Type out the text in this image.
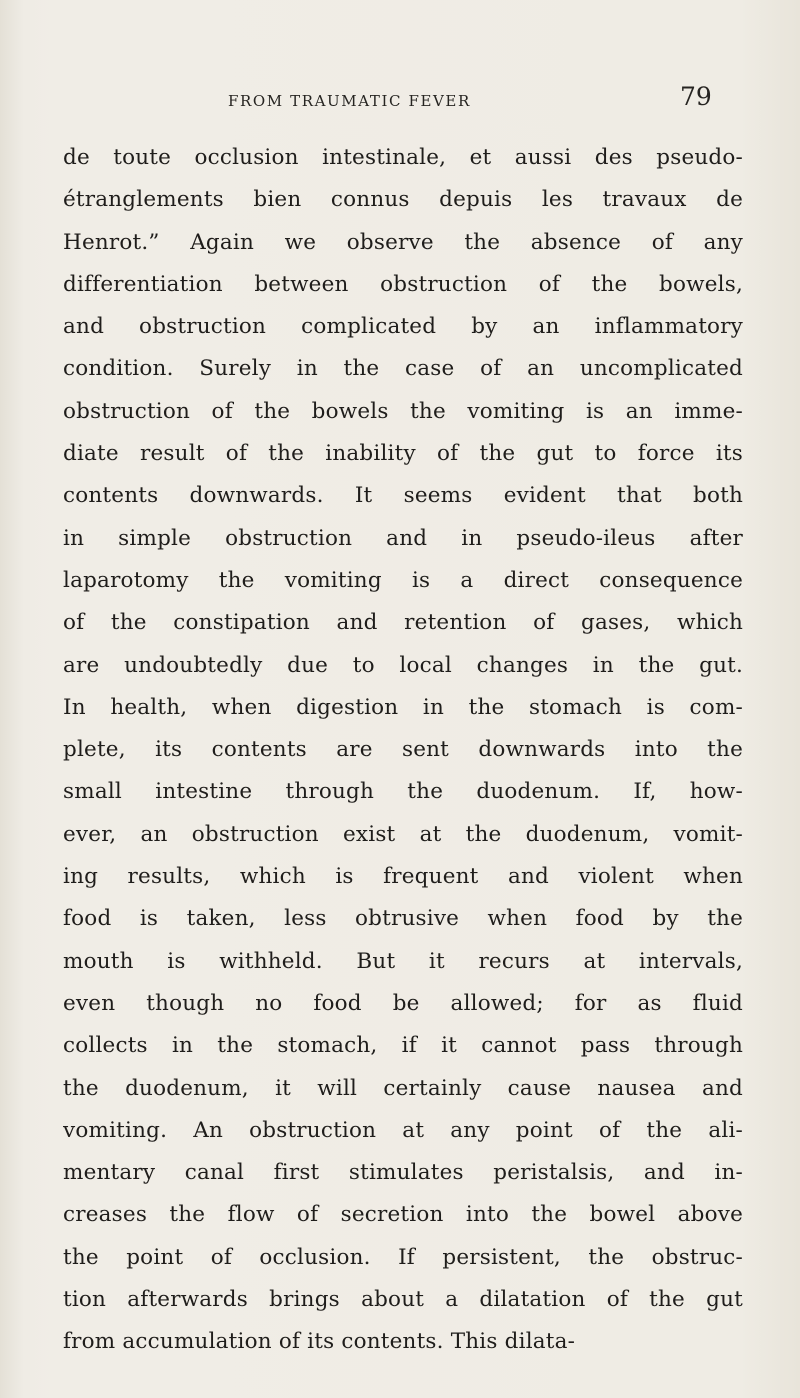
FROM TRAUMATIC FEVER	79
de toute occlusion intestinale, et aussi des pseudo-
étranglements bien connus depuis les travaux de
Henrot.” Again we observe the absence of any
differentiation between obstruction of the bowels,
and obstruction complicated by an inflammatory
condition. Surely in the case of an uncomplicated
obstruction of the bowels the vomiting is an imme-
diate result of the inability of the gut to force its
contents downwards. It seems evident that both
in simple obstruction and in pseudo-ileus after
laparotomy the vomiting is a direct consequence
of the constipation and retention of gases, which
are undoubtedly due to local changes in the gut.
In health, when digestion in the stomach is com-
plete, its contents are sent downwards into the
small intestine through the duodenum. If, how-
ever, an obstruction exist at the duodenum, vomit-
ing results, which is frequent and violent when
food is taken, less obtrusive when food by the
mouth is withheld. But it recurs at intervals,
even though no food be allowed; for as fluid
collects in the stomach, if it cannot pass through
the duodenum, it will certainly cause nausea and
vomiting. An obstruction at any point of the ali-
mentary canal first stimulates peristalsis, and in-
creases the flow of secretion into the bowel above
the point of occlusion. If persistent, the obstruc-
tion afterwards brings about a dilatation of the gut
from accumulation of its contents. This dilata-
